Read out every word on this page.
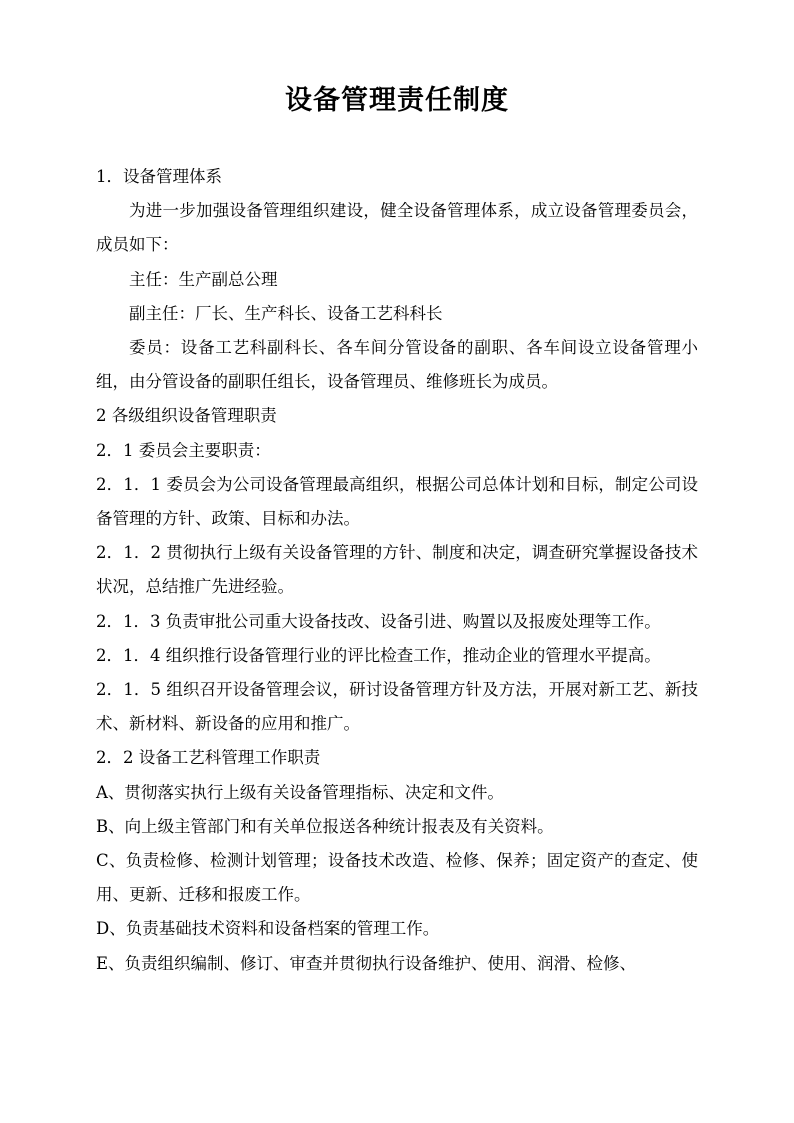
设备管理责任制度

1．设备管理体系

为进一步加强设备管理组织建设，健全设备管理体系，成立设备管理委员会，成员如下：

主任：生产副总公理

副主任：厂长、生产科长、设备工艺科科长

委员：设备工艺科副科长、各车间分管设备的副职、各车间设立设备管理小组，由分管设备的副职任组长，设备管理员、维修班长为成员。

2 各级组织设备管理职责

2．1 委员会主要职责：

2．1．1 委员会为公司设备管理最高组织，根据公司总体计划和目标，制定公司设备管理的方针、政策、目标和办法。

2．1．2 贯彻执行上级有关设备管理的方针、制度和决定，调查研究掌握设备技术状况，总结推广先进经验。

2．1．3 负责审批公司重大设备技改、设备引进、购置以及报废处理等工作。

2．1．4 组织推行设备管理行业的评比检查工作，推动企业的管理水平提高。

2．1．5 组织召开设备管理会议，研讨设备管理方针及方法，开展对新工艺、新技术、新材料、新设备的应用和推广。

2．2 设备工艺科管理工作职责

A、贯彻落实执行上级有关设备管理指标、决定和文件。

B、向上级主管部门和有关单位报送各种统计报表及有关资料。

C、负责检修、检测计划管理；设备技术改造、检修、保养；固定资产的查定、使用、更新、迁移和报废工作。

D、负责基础技术资料和设备档案的管理工作。

E、负责组织编制、修订、审查并贯彻执行设备维护、使用、润滑、检修、
